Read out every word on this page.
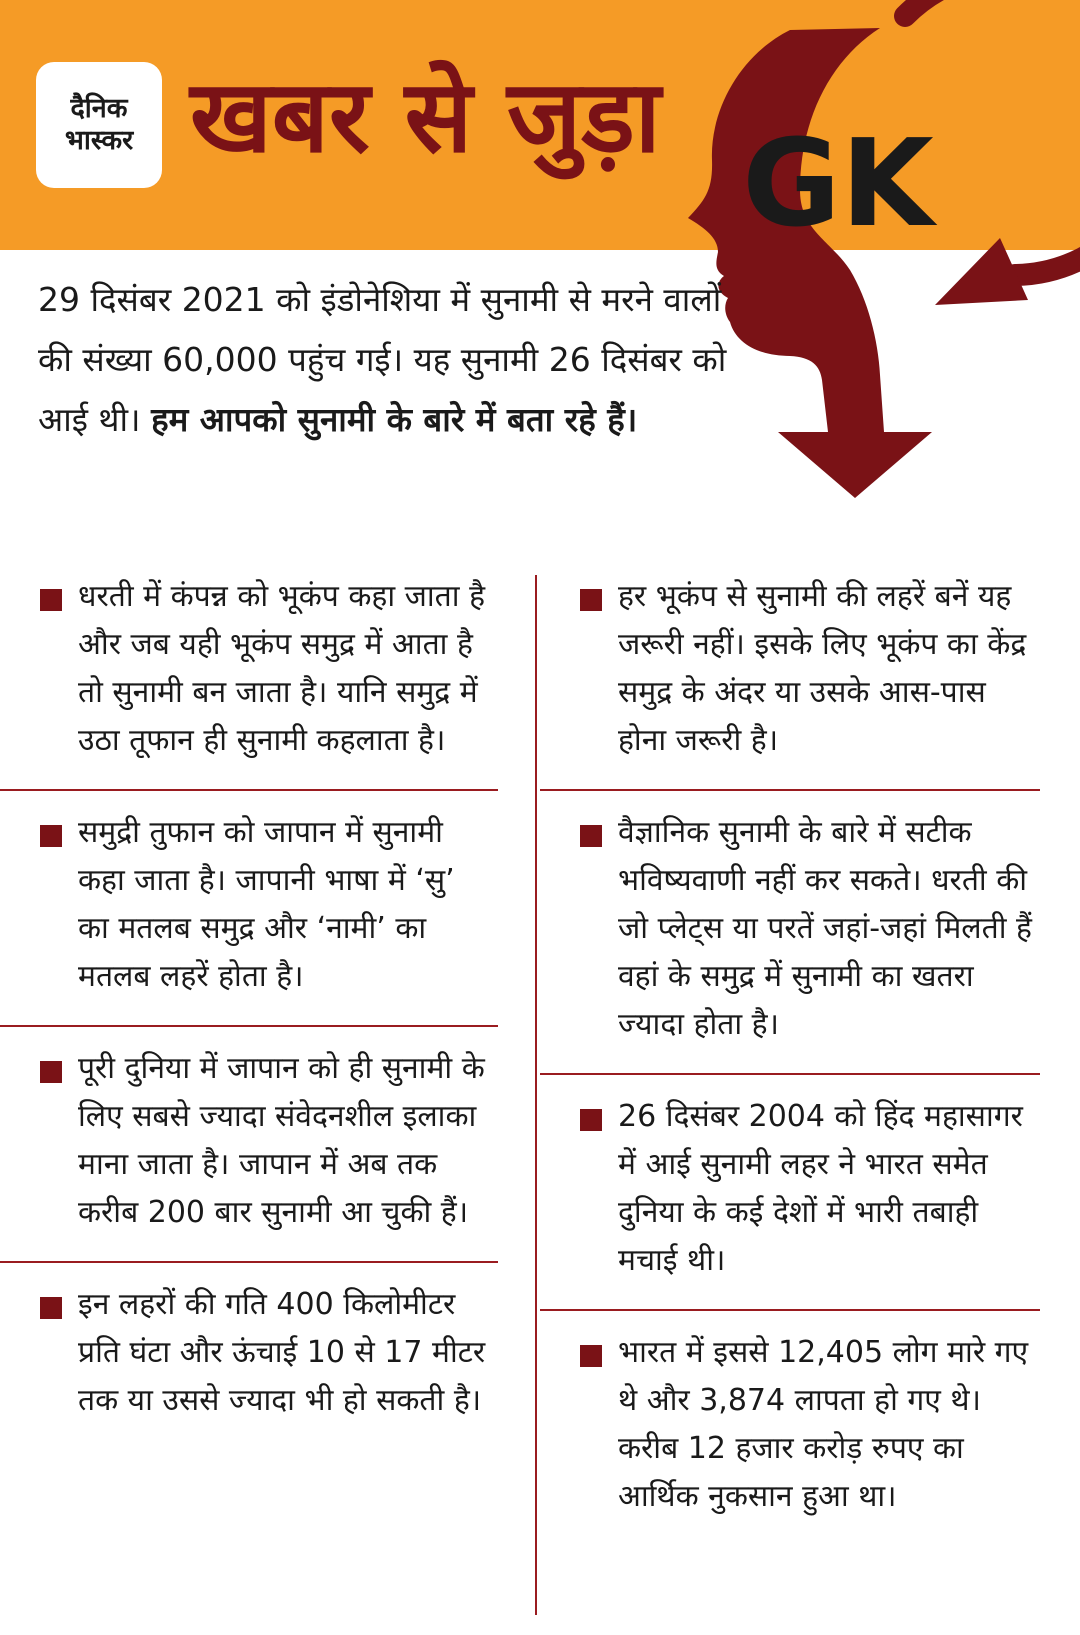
दैनिक
भास्कर खबर से जुड़ा GK
29 दिसंबर 2021 को इंडोनेशिया में सुनामी से मरने वालों की संख्या 60,000 पहुंच गई। यह सुनामी 26 दिसंबर को आई थी। हम आपको सुनामी के बारे में बता रहे हैं।
धरती में कंपन्न को भूकंप कहा जाता है और जब यही भूकंप समुद्र में आता है तो सुनामी बन जाता है। यानि समुद्र में उठा तूफान ही सुनामी कहलाता है।
समुद्री तुफान को जापान में सुनामी कहा जाता है। जापानी भाषा में ‘सु’ का मतलब समुद्र और ‘नामी’ का मतलब लहरें होता है।
पूरी दुनिया में जापान को ही सुनामी के लिए सबसे ज्यादा संवेदनशील इलाका माना जाता है। जापान में अब तक करीब 200 बार सुनामी आ चुकी हैं।
इन लहरों की गति 400 किलोमीटर प्रति घंटा और ऊंचाई 10 से 17 मीटर तक या उससे ज्यादा भी हो सकती है।
हर भूकंप से सुनामी की लहरें बनें यह जरूरी नहीं। इसके लिए भूकंप का केंद्र समुद्र के अंदर या उसके आस-पास होना जरूरी है।
वैज्ञानिक सुनामी के बारे में सटीक भविष्यवाणी नहीं कर सकते। धरती की जो प्लेट्स या परतें जहां-जहां मिलती हैं वहां के समुद्र में सुनामी का खतरा ज्यादा होता है।
26 दिसंबर 2004 को हिंद महासागर में आई सुनामी लहर ने भारत समेत दुनिया के कई देशों में भारी तबाही मचाई थी।
भारत में इससे 12,405 लोग मारे गए थे और 3,874 लापता हो गए थे। करीब 12 हजार करोड़ रुपए का आर्थिक नुकसान हुआ था।
